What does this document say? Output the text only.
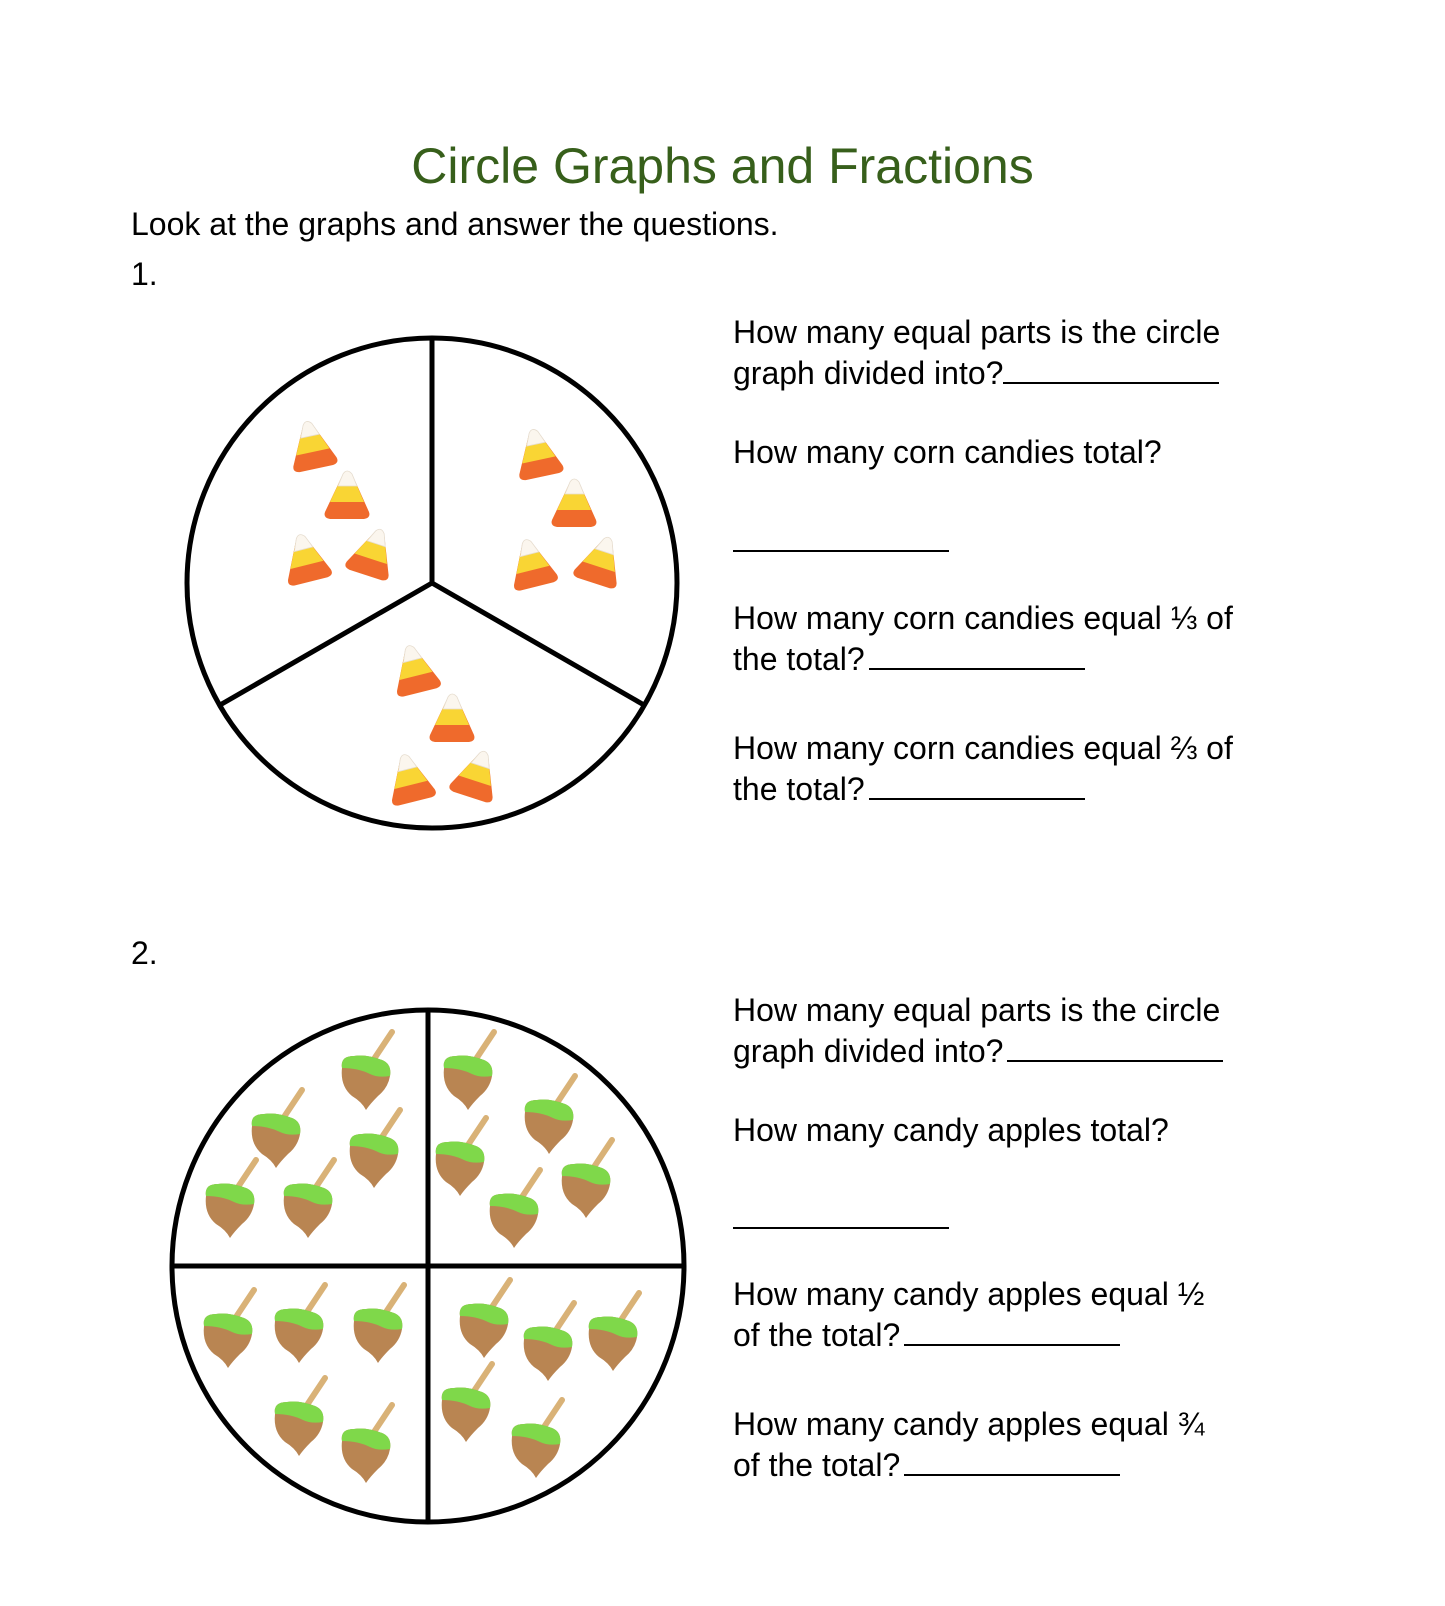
Circle Graphs and Fractions
Look at the graphs and answer the questions.
1.
How many equal parts is the circle
graph divided into?
How many corn candies total?
How many corn candies equal ⅓ of
the total?
How many corn candies equal ⅔ of
the total?
2.
How many equal parts is the circle
graph divided into?
How many candy apples total?
How many candy apples equal ½
of the total?
How many candy apples equal ¾
of the total?
